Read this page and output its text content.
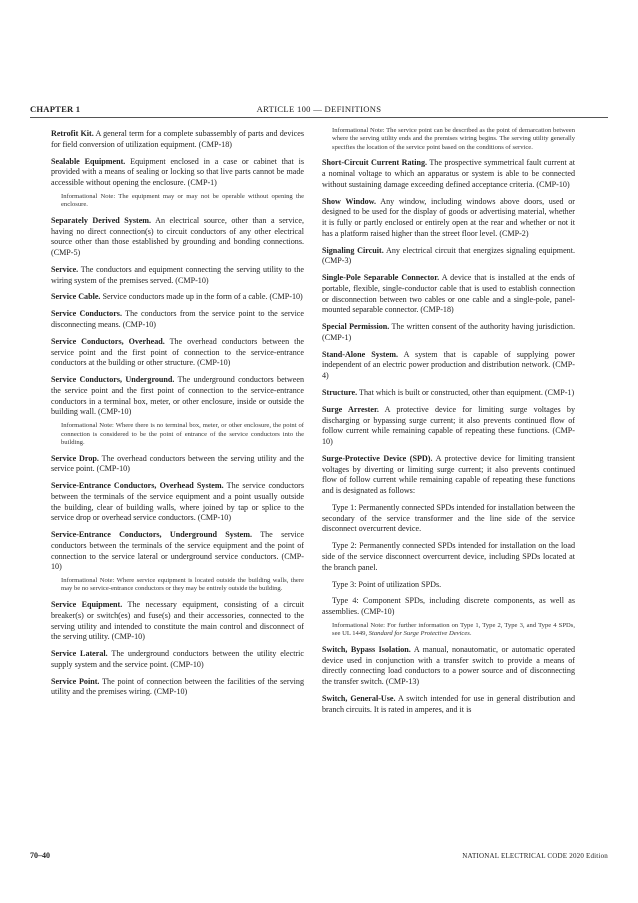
CHAPTER 1	ARTICLE 100 — DEFINITIONS

Retrofit Kit. A general term for a complete subassembly of parts and devices for field conversion of utilization equipment. (CMP-18)

Sealable Equipment. Equipment enclosed in a case or cabinet that is provided with a means of sealing or locking so that live parts cannot be made accessible without opening the enclosure. (CMP-1)

Informational Note: The equipment may or may not be operable without opening the enclosure.

Separately Derived System. An electrical source, other than a service, having no direct connection(s) to circuit conductors of any other electrical source other than those established by grounding and bonding connections. (CMP-5)

Service. The conductors and equipment connecting the serving utility to the wiring system of the premises served. (CMP-10)

Service Cable. Service conductors made up in the form of a cable. (CMP-10)

Service Conductors. The conductors from the service point to the service disconnecting means. (CMP-10)

Service Conductors, Overhead. The overhead conductors between the service point and the first point of connection to the service-entrance conductors at the building or other structure. (CMP-10)

Service Conductors, Underground. The underground conductors between the service point and the first point of connection to the service-entrance conductors in a terminal box, meter, or other enclosure, inside or outside the building wall. (CMP-10)

Informational Note: Where there is no terminal box, meter, or other enclosure, the point of connection is considered to be the point of entrance of the service conductors into the building.

Service Drop. The overhead conductors between the serving utility and the service point. (CMP-10)

Service-Entrance Conductors, Overhead System. The service conductors between the terminals of the service equipment and a point usually outside the building, clear of building walls, where joined by tap or splice to the service drop or overhead service conductors. (CMP-10)

Service-Entrance Conductors, Underground System. The service conductors between the terminals of the service equipment and the point of connection to the service lateral or underground service conductors. (CMP-10)

Informational Note: Where service equipment is located outside the building walls, there may be no service-entrance conductors or they may be entirely outside the building.

Service Equipment. The necessary equipment, consisting of a circuit breaker(s) or switch(es) and fuse(s) and their accessories, connected to the serving utility and intended to constitute the main control and disconnect of the serving utility. (CMP-10)

Service Lateral. The underground conductors between the utility electric supply system and the service point. (CMP-10)

Service Point. The point of connection between the facilities of the serving utility and the premises wiring. (CMP-10)

Informational Note: The service point can be described as the point of demarcation between where the serving utility ends and the premises wiring begins. The serving utility generally specifies the location of the service point based on the conditions of service.

Short-Circuit Current Rating. The prospective symmetrical fault current at a nominal voltage to which an apparatus or system is able to be connected without sustaining damage exceeding defined acceptance criteria. (CMP-10)

Show Window. Any window, including windows above doors, used or designed to be used for the display of goods or advertising material, whether it is fully or partly enclosed or entirely open at the rear and whether or not it has a platform raised higher than the street floor level. (CMP-2)

Signaling Circuit. Any electrical circuit that energizes signaling equipment. (CMP-3)

Single-Pole Separable Connector. A device that is installed at the ends of portable, flexible, single-conductor cable that is used to establish connection or disconnection between two cables or one cable and a single-pole, panel-mounted separable connector. (CMP-18)

Special Permission. The written consent of the authority having jurisdiction. (CMP-1)

Stand-Alone System. A system that is capable of supplying power independent of an electric power production and distribution network. (CMP-4)

Structure. That which is built or constructed, other than equipment. (CMP-1)

Surge Arrester. A protective device for limiting surge voltages by discharging or bypassing surge current; it also prevents continued flow of follow current while remaining capable of repeating these functions. (CMP-10)

Surge-Protective Device (SPD). A protective device for limiting transient voltages by diverting or limiting surge current; it also prevents continued flow of follow current while remaining capable of repeating these functions and is designated as follows:

Type 1: Permanently connected SPDs intended for installation between the secondary of the service transformer and the line side of the service disconnect overcurrent device.

Type 2: Permanently connected SPDs intended for installation on the load side of the service disconnect overcurrent device, including SPDs located at the branch panel.

Type 3: Point of utilization SPDs.

Type 4: Component SPDs, including discrete components, as well as assemblies. (CMP-10)

Informational Note: For further information on Type 1, Type 2, Type 3, and Type 4 SPDs, see UL 1449, Standard for Surge Protective Devices.

Switch, Bypass Isolation. A manual, nonautomatic, or automatic operated device used in conjunction with a transfer switch to provide a means of directly connecting load conductors to a power source and of disconnecting the transfer switch. (CMP-13)

Switch, General-Use. A switch intended for use in general distribution and branch circuits. It is rated in amperes, and it is

70–40	NATIONAL ELECTRICAL CODE 2020 Edition
